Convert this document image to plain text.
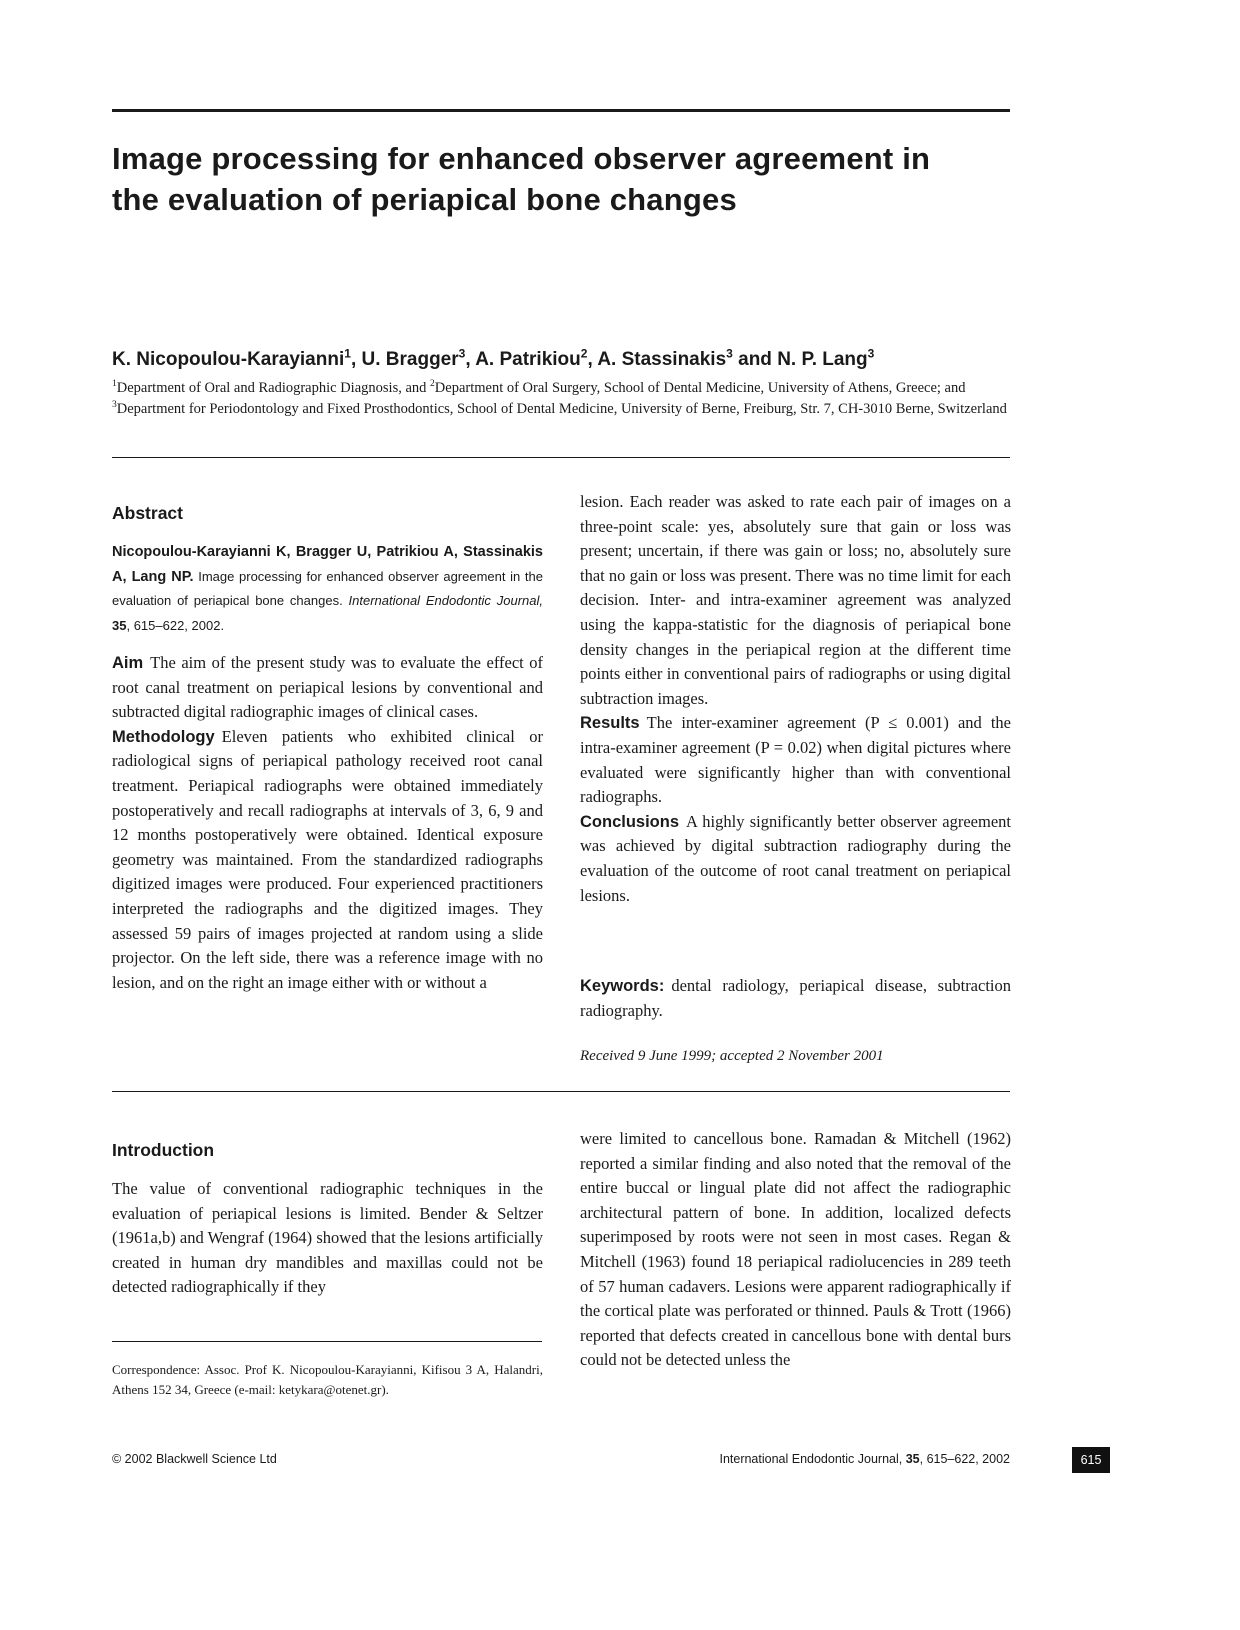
Image processing for enhanced observer agreement in the evaluation of periapical bone changes

K. Nicopoulou-Karayianni$^1$, U. Bragger$^3$, A. Patrikiou$^2$, A. Stassinakis$^3$ and N. P. Lang$^3$

$^1$Department of Oral and Radiographic Diagnosis, and $^2$Department of Oral Surgery, School of Dental Medicine, University of Athens, Greece; and $^3$Department for Periodontology and Fixed Prosthodontics, School of Dental Medicine, University of Berne, Freiburg, Str. 7, CH-3010 Berne, Switzerland

Abstract

Nicopoulou-Karayianni K, Bragger U, Patrikiou A, Stassinakis A, Lang NP. Image processing for enhanced observer agreement in the evaluation of periapical bone changes. International Endodontic Journal, 35, 615–622, 2002.

Aim The aim of the present study was to evaluate the effect of root canal treatment on periapical lesions by conventional and subtracted digital radiographic images of clinical cases.

Methodology Eleven patients who exhibited clinical or radiological signs of periapical pathology received root canal treatment. Periapical radiographs were obtained immediately postoperatively and recall radiographs at intervals of 3, 6, 9 and 12 months postoperatively were obtained. Identical exposure geometry was maintained. From the standardized radiographs digitized images were produced. Four experienced practitioners interpreted the radiographs and the digitized images. They assessed 59 pairs of images projected at random using a slide projector. On the left side, there was a reference image with no lesion, and on the right an image either with or without a

lesion. Each reader was asked to rate each pair of images on a three-point scale: yes, absolutely sure that gain or loss was present; uncertain, if there was gain or loss; no, absolutely sure that no gain or loss was present. There was no time limit for each decision. Inter- and intra-examiner agreement was analyzed using the kappa-statistic for the diagnosis of periapical bone density changes in the periapical region at the different time points either in conventional pairs of radiographs or using digital subtraction images.

Results The inter-examiner agreement (P ≤ 0.001) and the intra-examiner agreement (P = 0.02) when digital pictures where evaluated were significantly higher than with conventional radiographs.

Conclusions A highly significantly better observer agreement was achieved by digital subtraction radiography during the evaluation of the outcome of root canal treatment on periapical lesions.

Keywords: dental radiology, periapical disease, subtraction radiography.

Received 9 June 1999; accepted 2 November 2001

Introduction

The value of conventional radiographic techniques in the evaluation of periapical lesions is limited. Bender & Seltzer (1961a,b) and Wengraf (1964) showed that the lesions artificially created in human dry mandibles and maxillas could not be detected radiographically if they

were limited to cancellous bone. Ramadan & Mitchell (1962) reported a similar finding and also noted that the removal of the entire buccal or lingual plate did not affect the radiographic architectural pattern of bone. In addition, localized defects superimposed by roots were not seen in most cases. Regan & Mitchell (1963) found 18 periapical radiolucencies in 289 teeth of 57 human cadavers. Lesions were apparent radiographically if the cortical plate was perforated or thinned. Pauls & Trott (1966) reported that defects created in cancellous bone with dental burs could not be detected unless the

Correspondence: Assoc. Prof K. Nicopoulou-Karayianni, Kifisou 3 A, Halandri, Athens 152 34, Greece (e-mail: ketykara@otenet.gr).

© 2002 Blackwell Science Ltd	International Endodontic Journal, 35, 615–622, 2002	615
